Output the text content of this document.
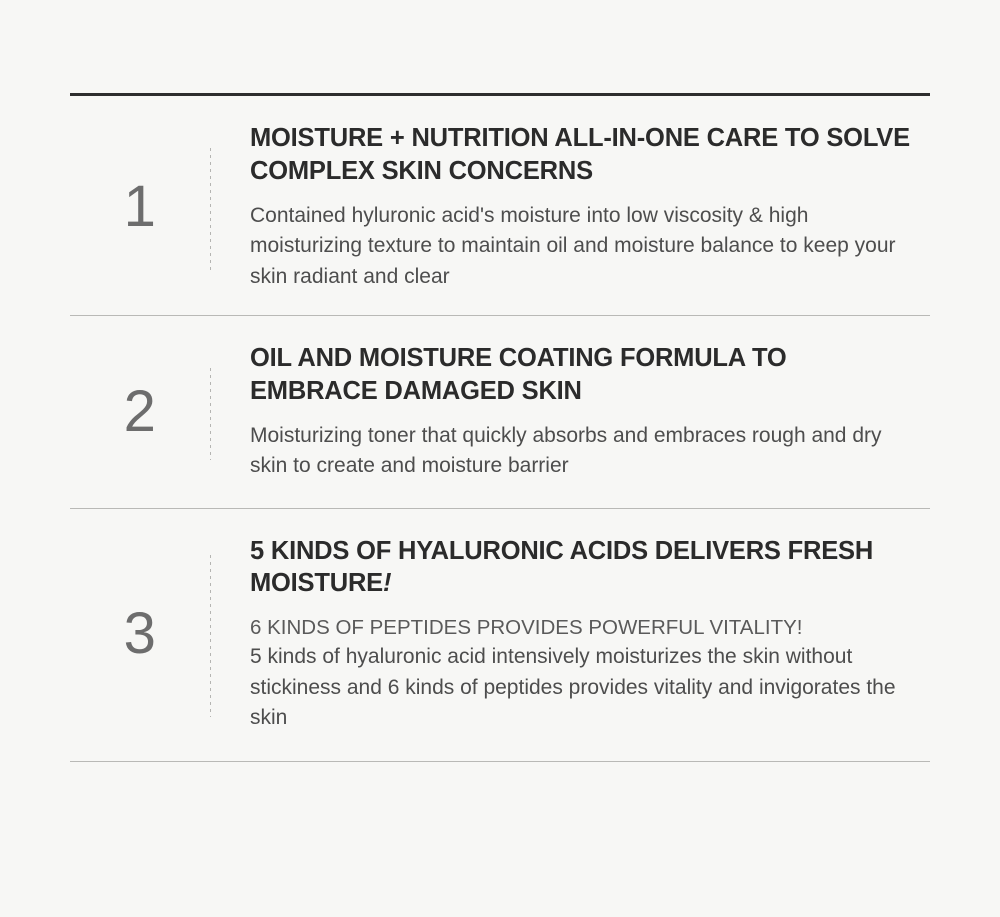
1
MOISTURE + NUTRITION ALL-IN-ONE CARE TO SOLVE COMPLEX SKIN CONCERNS

Contained hyluronic acid's moisture into low viscosity & high moisturizing texture to maintain oil and moisture balance to keep your skin radiant and clear

2
OIL AND MOISTURE COATING FORMULA TO EMBRACE DAMAGED SKIN

Moisturizing toner that quickly absorbs and embraces rough and dry skin to create and moisture barrier

3
5 KINDS OF HYALURONIC ACIDS DELIVERS FRESH MOISTURE!

6 KINDS OF PEPTIDES PROVIDES POWERFUL VITALITY!

5 kinds of hyaluronic acid intensively moisturizes the skin without stickiness and 6 kinds of peptides provides vitality and invigorates the skin
